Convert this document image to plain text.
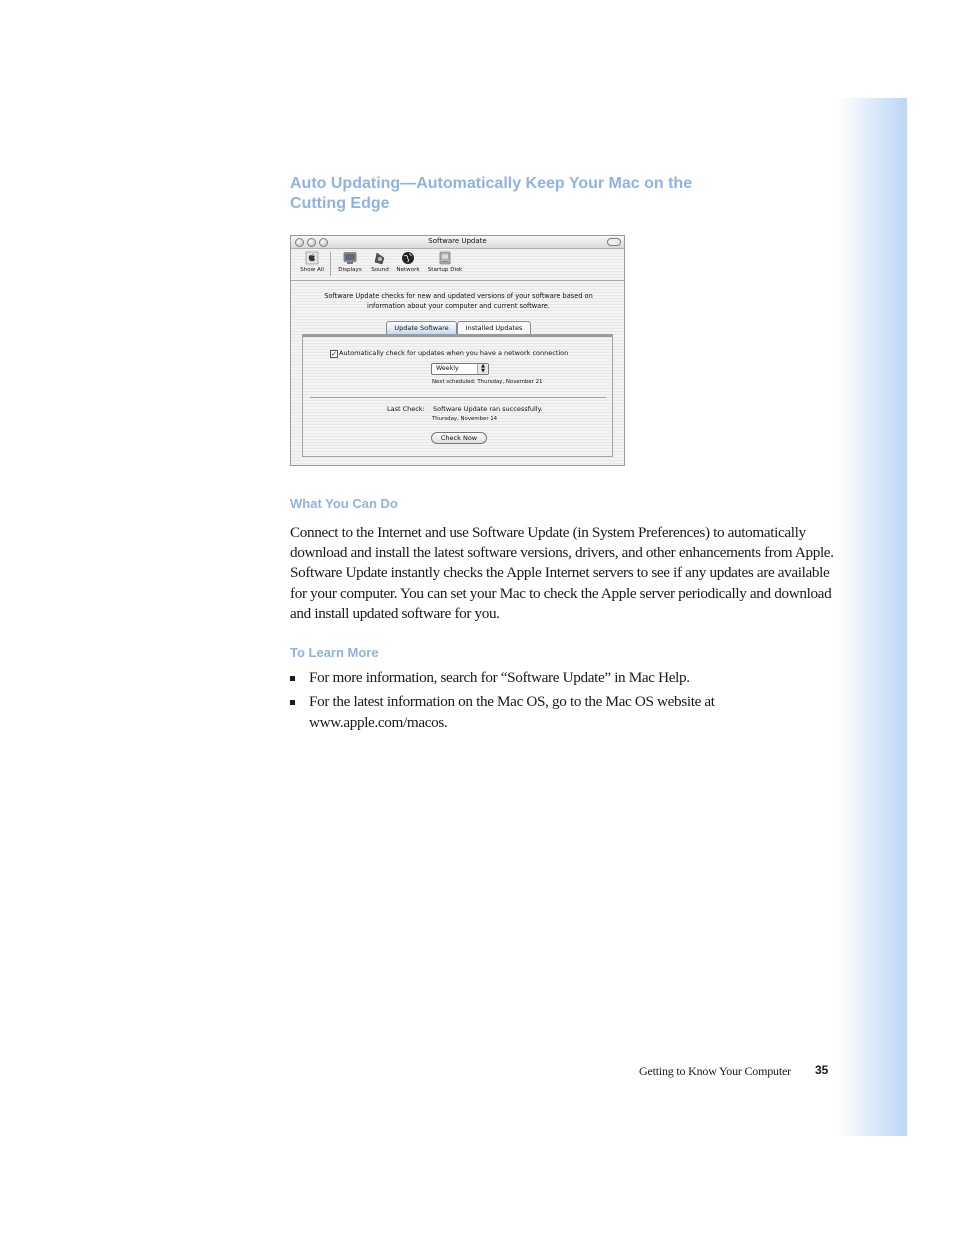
Auto Updating—Automatically Keep Your Mac on the Cutting Edge
Software Update
Show All	Displays	Sound	Network	Startup Disk
Software Update checks for new and updated versions of your software based on information about your computer and current software.
Update Software	Installed Updates
✓ Automatically check for updates when you have a network connection
Weekly	▲
▼
Next scheduled: Thursday, November 21
Last Check: Software Update ran successfully.
Thursday, November 14
Check Now
What You Can Do

Connect to the Internet and use Software Update (in System Preferences) to automatically download and install the latest software versions, drivers, and other enhancements from Apple. Software Update instantly checks the Apple Internet servers to see if any updates are available for your computer. You can set your Mac to check the Apple server periodically and download and install updated software for you.

To Learn More
For more information, search for “Software Update” in Mac Help.
For the latest information on the Mac OS, go to the Mac OS website at www.apple.com/macos.
Getting to Know Your Computer 35
